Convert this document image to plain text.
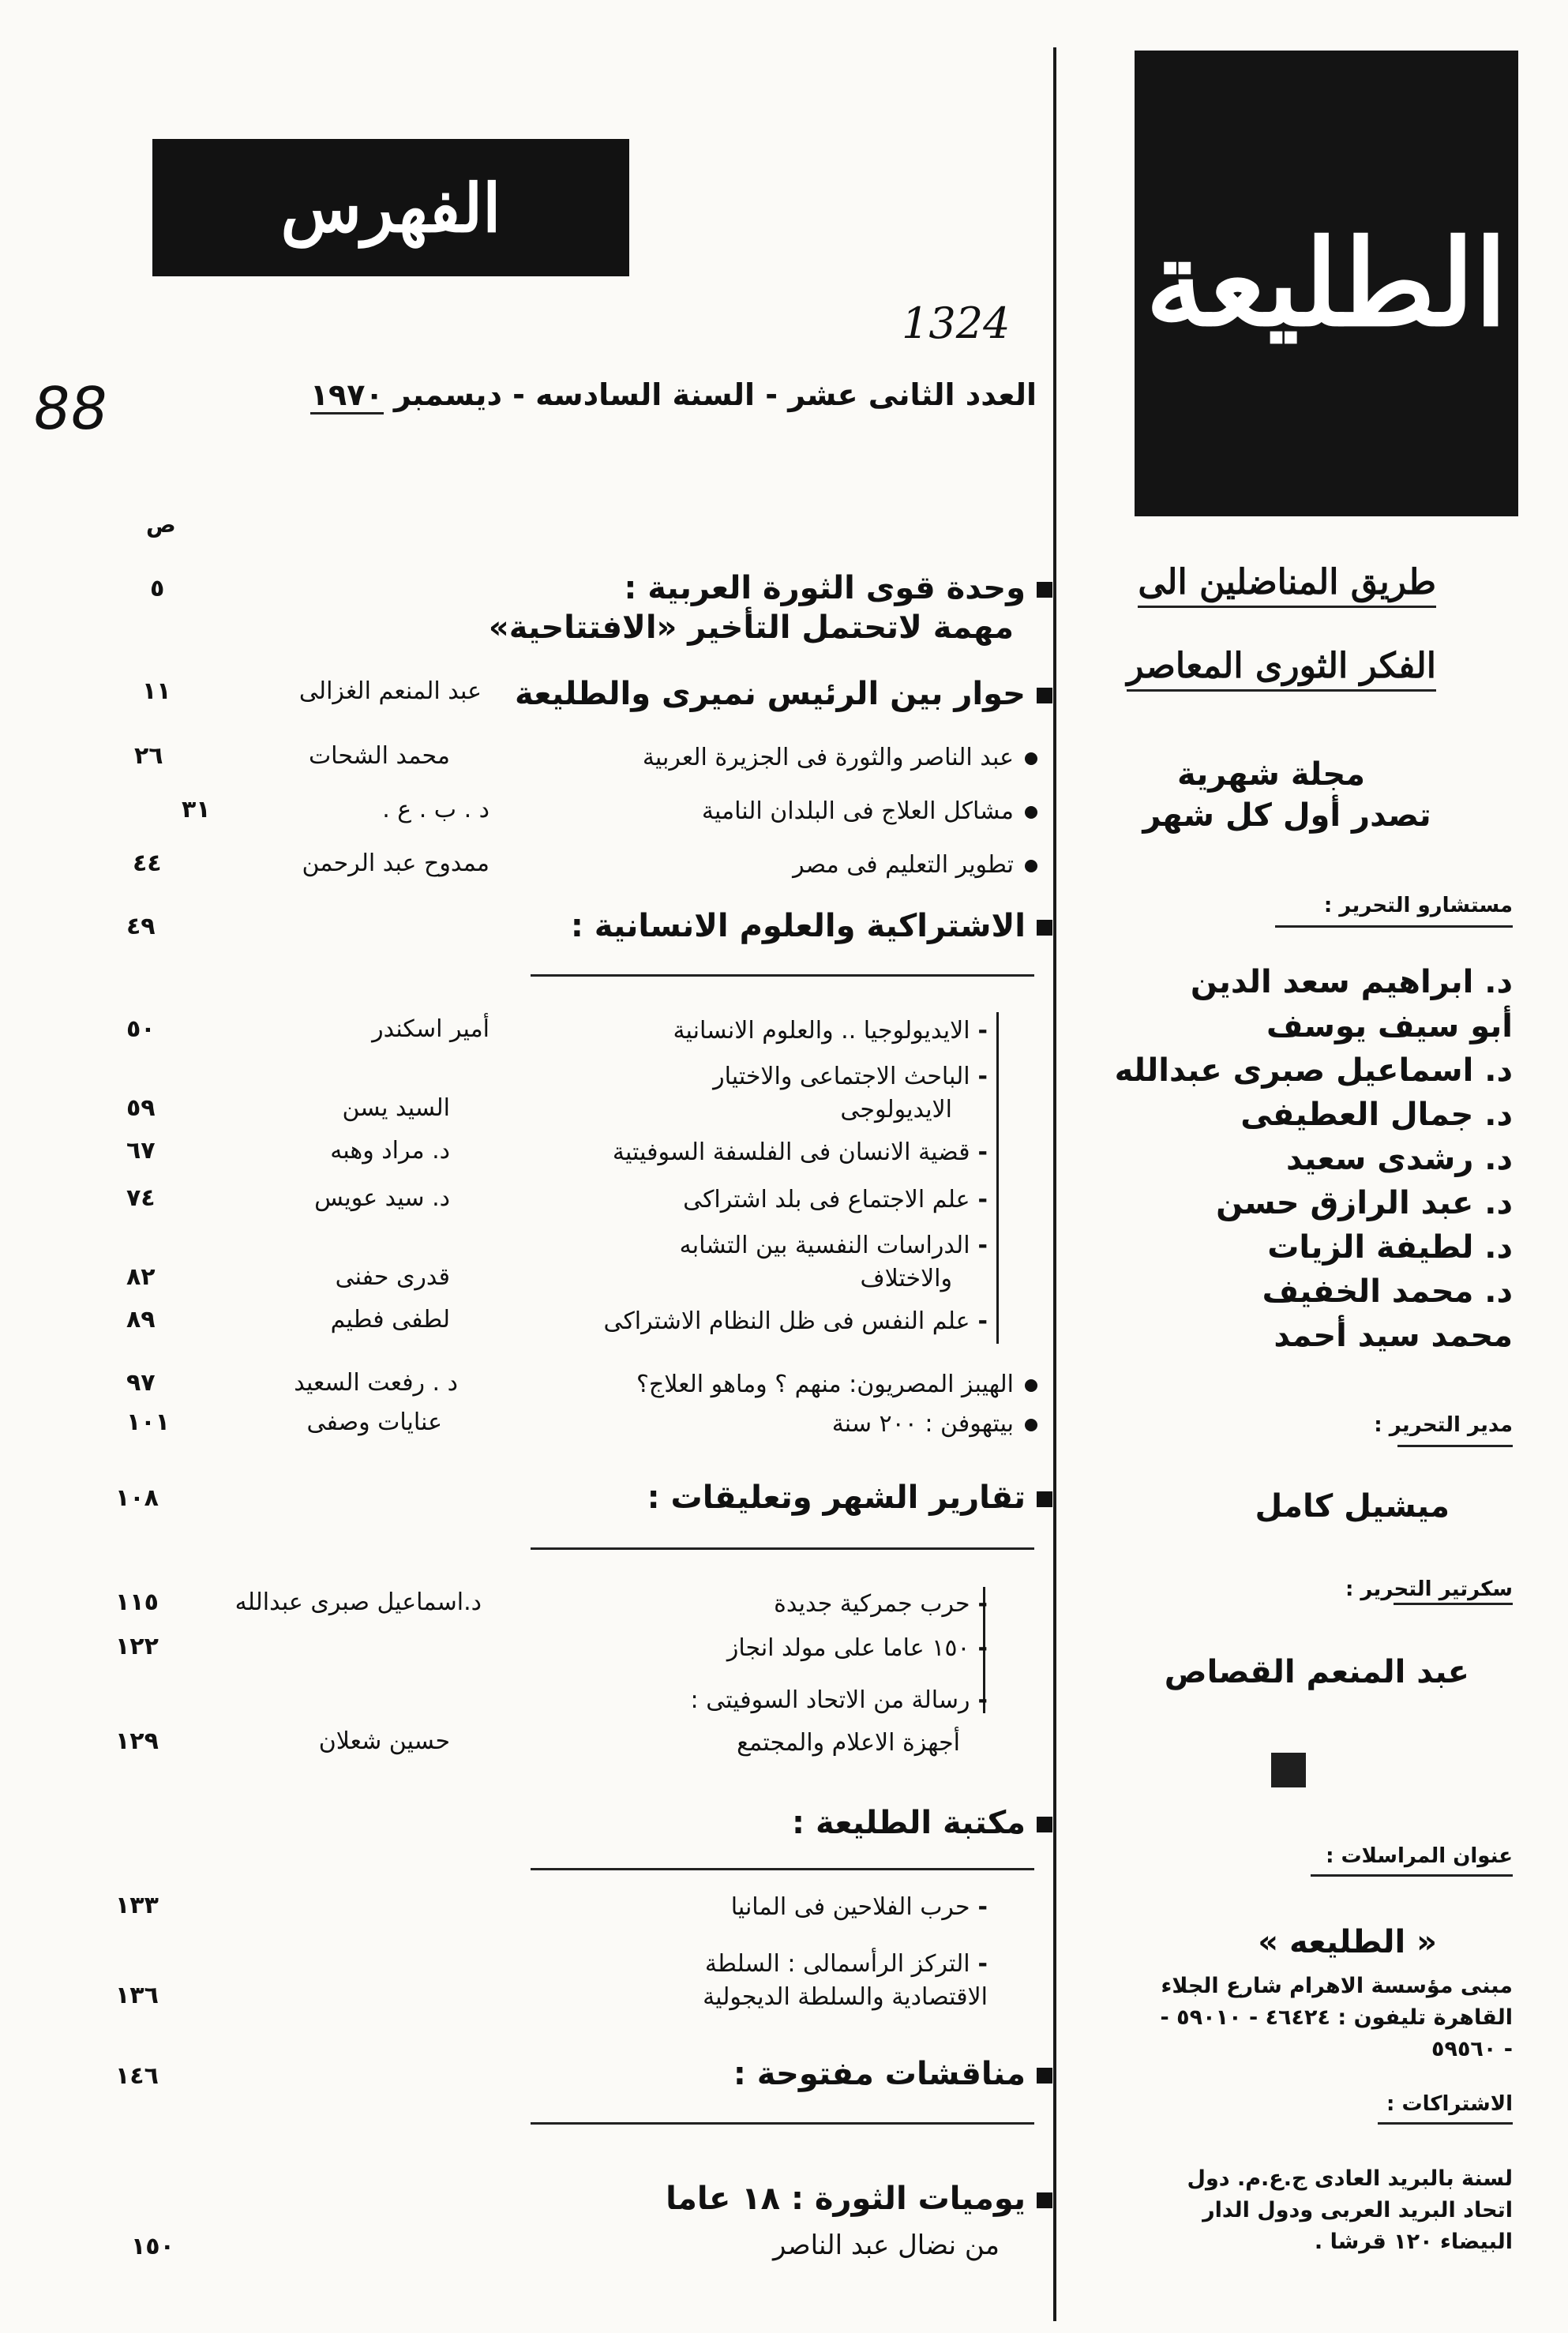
الطليعة
طريق المناضلين الى
الفكر الثورى المعاصر
مجلة شهرية
تصدر أول كل شهر
مستشارو التحرير :
د. ابراهيم سعد الدين
أبو سيف يوسف
د. اسماعيل صبرى عبدالله
د. جمال العطيفى
د. رشدى سعيد
د. عبد الرازق حسن
د. لطيفة الزيات
د. محمد الخفيف
محمد سيد أحمد
مدير التحرير :
ميشيل كامل
سكرتير التحرير :
عبد المنعم القصاص
عنوان المراسلات :
« الطليعه »
مبنى مؤسسة الاهرام شارع الجلاء
القاهرة تليفون : ٤٦٤٢٤ - ٥٩٠١٠ -
- ٥٩٥٦٠
الاشتراكات :
لسنة بالبريد العادى ج.ع.م. دول
اتحاد البريد العربى ودول الدار
البيضاء ١٢٠ قرشا .
الفهرس
1324
88	العدد الثانى عشر - السنة السادسه - ديسمبر ١٩٧٠
ص
وحدة قوى الثورة العربية :
مهمة لاتحتمل التأخير «الافتتاحية»
٥
حوار بين الرئيس نميرى والطليعة
عبد المنعم الغزالى
١١
عبد الناصر والثورة فى الجزيرة العربية
محمد الشحات
٢٦
مشاكل العلاج فى البلدان النامية
د . ب . ع .
٣١
تطوير التعليم فى مصر
ممدوح عبد الرحمن
٤٤
الاشتراكية والعلوم الانسانية :
٤٩
-الايديولوجيا .. والعلوم الانسانية
أمير اسكندر
٥٠
-الباحث الاجتماعى والاختيار
الايديولوجى
السيد يسن
٥٩
-قضية الانسان فى الفلسفة السوفيتية
د. مراد وهبه
٦٧
-علم الاجتماع فى بلد اشتراكى
د. سيد عويس
٧٤
-الدراسات النفسية بين التشابه
والاختلاف
قدرى حفنى
٨٢
-علم النفس فى ظل النظام الاشتراكى
لطفى فطيم
٨٩
الهيبز المصريون: منهم ؟ وماهو العلاج؟
د . رفعت السعيد
٩٧
بيتهوفن : ٢٠٠ سنة
عنايات وصفى
١٠١
تقارير الشهر وتعليقات :
١٠٨
-حرب جمركية جديدة
د.اسماعيل صبرى عبدالله
١١٥
-١٥٠ عاما على مولد انجاز
١٢٢
-رسالة من الاتحاد السوفيتى :
أجهزة الاعلام والمجتمع
حسين شعلان
١٢٩
مكتبة الطليعة :
-حرب الفلاحين فى المانيا
١٣٣
-التركز الرأسمالى : السلطة
الاقتصادية والسلطة الديجولية
١٣٦
مناقشات مفتوحة :
١٤٦
يوميات الثورة : ١٨ عاما
من نضال عبد الناصر
١٥٠
